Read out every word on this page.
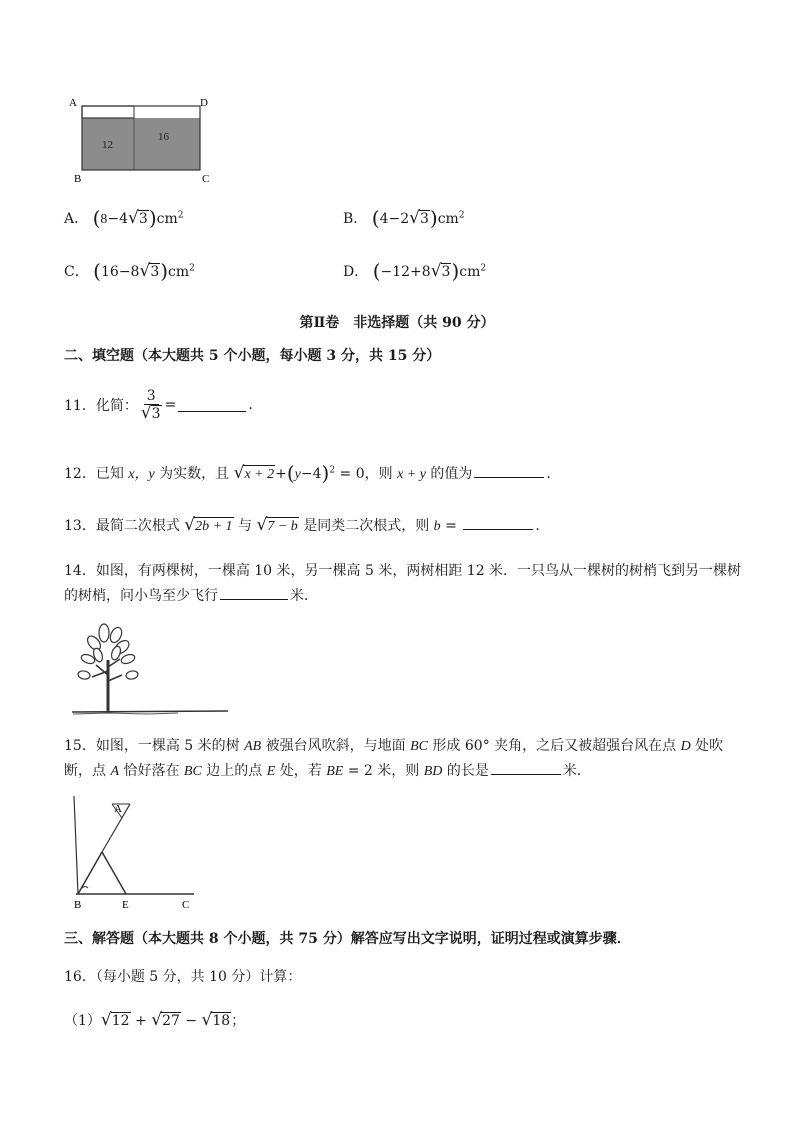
A	D
B	C
12
16
A． (8−4 √ 3 )$cm^2$	B． (4−2 √ 3 )$cm^2$
C． (16−8 √ 3 )$cm^2$	D． (−12+8 √ 3 )$cm^2$
第Ⅱ卷　非选择题（共 90 分）
二、填空题（本大题共 5 个小题，每小题 3 分，共 15 分）
11．化简： $\frac{3}{√ 3}$ =	.
12．已知 x，y 为实数，且 √ $x + 2 +(y-4)^2 = 0$，则 x + y 的值为	.
13．最简二次根式 √ 2b + 1 与 √ 7 − b 是同类二次根式，则 b =	.
14．如图，有两棵树，一棵高 10 米，另一棵高 5 米，两树相距 12 米．一只鸟从一棵树的树梢飞到另一棵树
的树梢，问小鸟至少飞行	米．
15．如图，一棵高 5 米的树 AB 被强台风吹斜，与地面 BC 形成 60° 夹角，之后又被超强台风在点 D 处吹
断，点 A 恰好落在 BC 边上的点 E 处，若 BE = 2 米，则 BD 的长是	米．
A
B	E	C
三、解答题（本大题共 8 个小题，共 75 分）解答应写出文字说明，证明过程或演算步骤．
16．（每小题 5 分，共 10 分）计算：
（1） √ 12 + √ 27 − √ 18 ；
